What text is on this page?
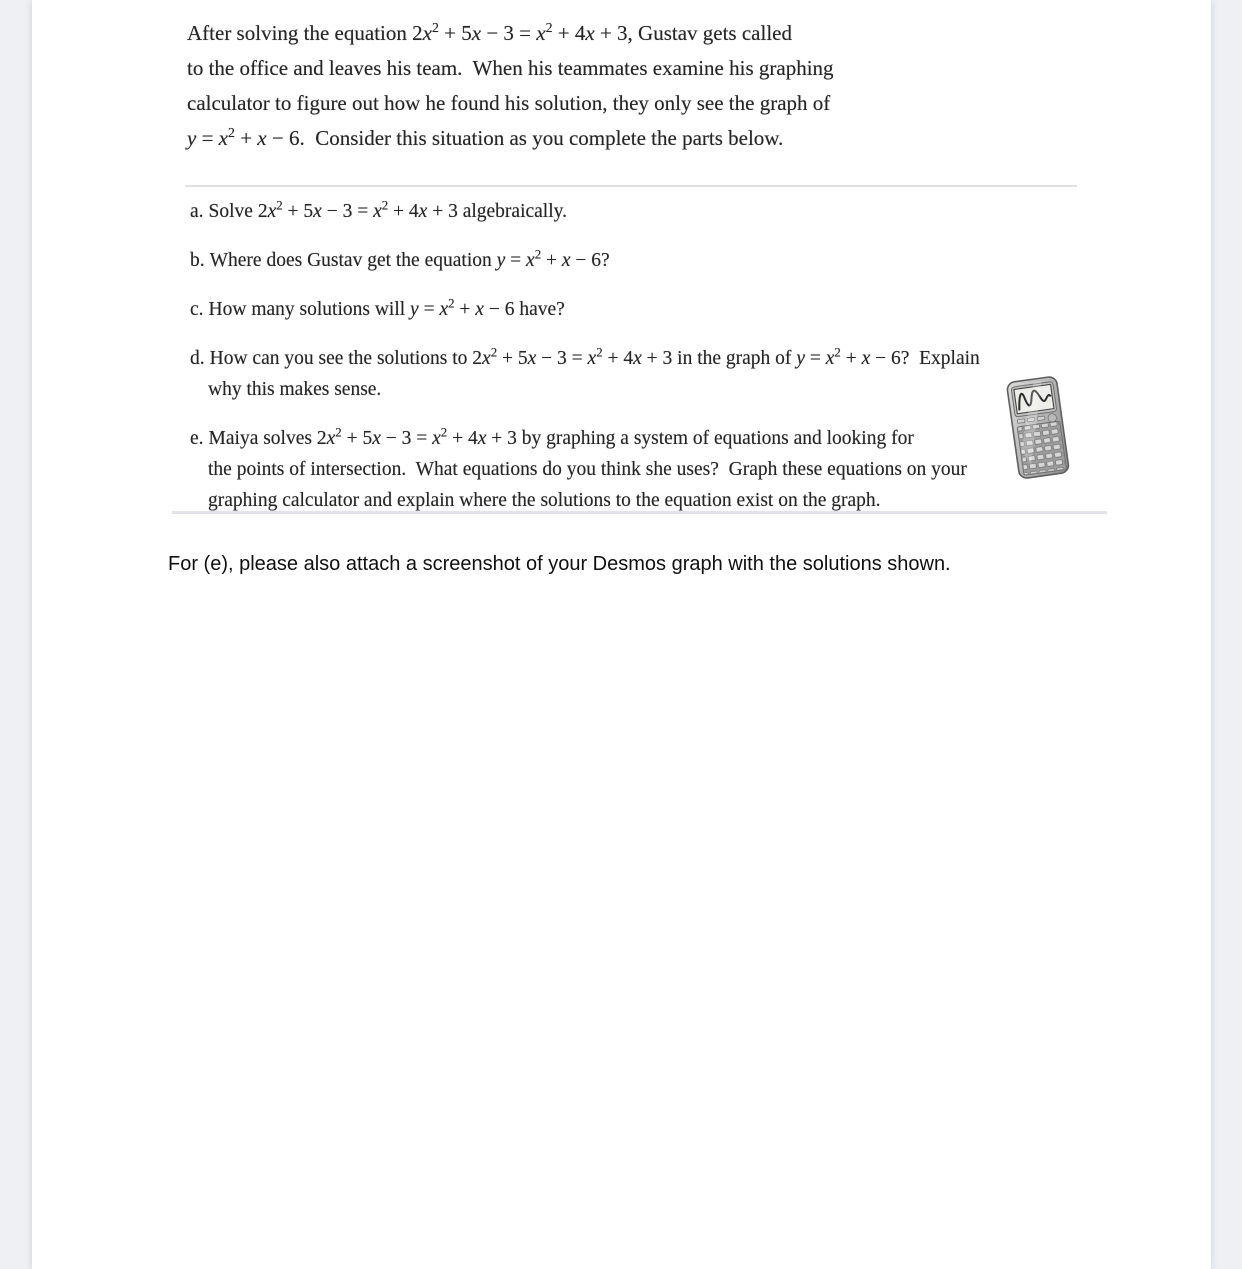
After solving the equation $2x^2 + 5x - 3 = x^2 + 4x + 3$, Gustav gets called
to the office and leaves his team.  When his teammates examine his graphing
calculator to figure out how he found his solution, they only see the graph of
$y = x^2 + x - 6$.  Consider this situation as you complete the parts below.
a. Solve $2x^2 + 5x - 3 = x^2 + 4x + 3$ algebraically.
b. Where does Gustav get the equation $y = x^2 + x - 6$?
c. How many solutions will $y = x^2 + x - 6$ have?
d. How can you see the solutions to $2x^2 + 5x - 3 = x^2 + 4x + 3$ in the graph of $y = x^2 + x - 6$?  Explain
why this makes sense.
e. Maiya solves $2x^2 + 5x - 3 = x^2 + 4x + 3$ by graphing a system of equations and looking for
the points of intersection.  What equations do you think she uses?  Graph these equations on your
graphing calculator and explain where the solutions to the equation exist on the graph.
For (e), please also attach a screenshot of your Desmos graph with the solutions shown.
